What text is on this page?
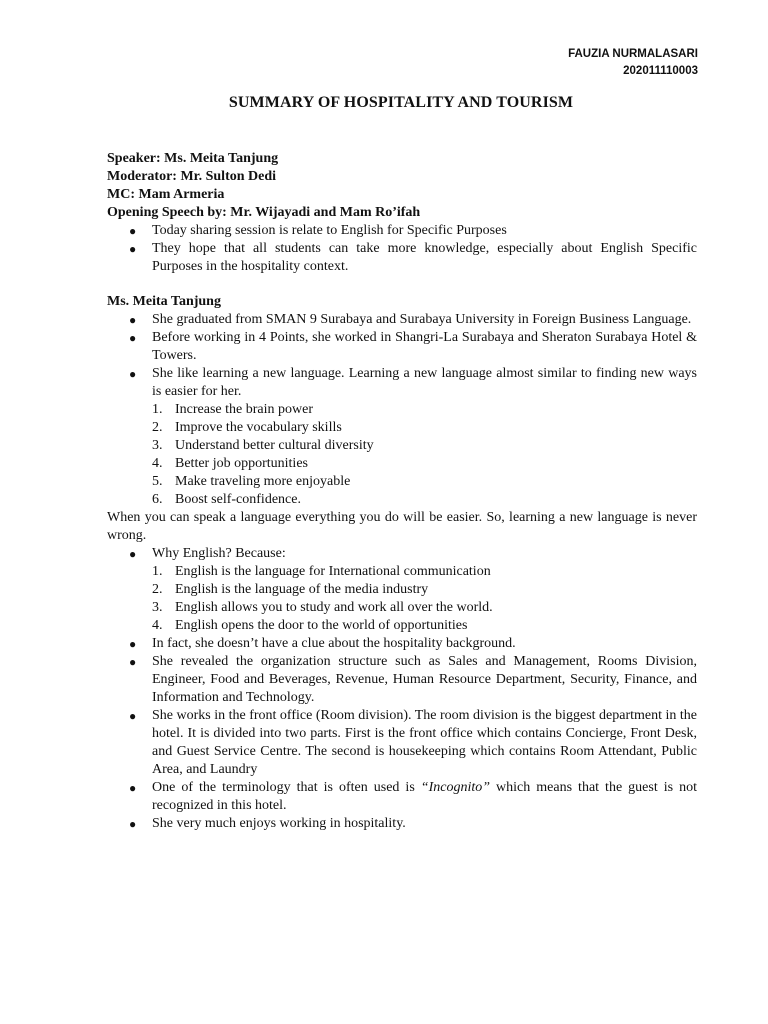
FAUZIA NURMALASARI
202011110003
SUMMARY OF HOSPITALITY AND TOURISM

Speaker: Ms. Meita Tanjung

Moderator: Mr. Sulton Dedi

MC: Mam Armeria

Opening Speech by: Mr. Wijayadi and Mam Ro’ifah

● Today sharing session is relate to English for Specific Purposes
● They hope that all students can take more knowledge, especially about English Specific Purposes in the hospitality context.

Ms. Meita Tanjung

● She graduated from SMAN 9 Surabaya and Surabaya University in Foreign Business Language.
● Before working in 4 Points, she worked in Shangri-La Surabaya and Sheraton Surabaya Hotel & Towers.
● She like learning a new language. Learning a new language almost similar to finding new ways is easier for her.
1. Increase the brain power
2. Improve the vocabulary skills
3. Understand better cultural diversity
4. Better job opportunities
5. Make traveling more enjoyable
6. Boost self-confidence.

When you can speak a language everything you do will be easier. So, learning a new language is never wrong.

● Why English? Because:
1. English is the language for International communication
2. English is the language of the media industry
3. English allows you to study and work all over the world.
4. English opens the door to the world of opportunities
● In fact, she doesn’t have a clue about the hospitality background.
● She revealed the organization structure such as Sales and Management, Rooms Division, Engineer, Food and Beverages, Revenue, Human Resource Department, Security, Finance, and Information and Technology.
● She works in the front office (Room division). The room division is the biggest department in the hotel. It is divided into two parts. First is the front office which contains Concierge, Front Desk, and Guest Service Centre. The second is housekeeping which contains Room Attendant, Public Area, and Laundry
● One of the terminology that is often used is “Incognito” which means that the guest is not recognized in this hotel.
● She very much enjoys working in hospitality.
